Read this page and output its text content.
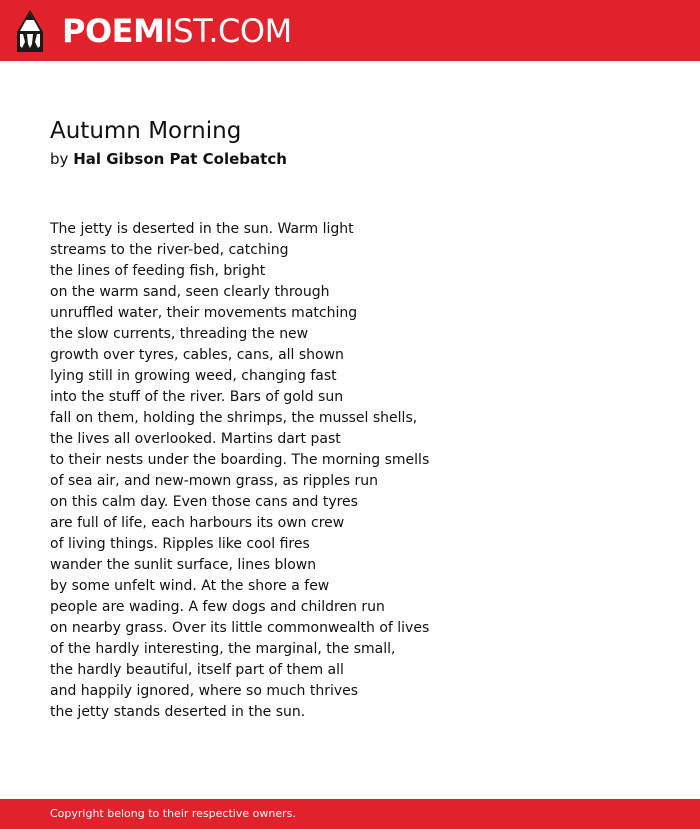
POEMIST.COM
Autumn Morning
by Hal Gibson Pat Colebatch
The jetty is deserted in the sun. Warm light
streams to the river-bed, catching
the lines of feeding fish, bright
on the warm sand, seen clearly through
unruffled water, their movements matching
the slow currents, threading the new
growth over tyres, cables, cans, all shown
lying still in growing weed, changing fast
into the stuff of the river. Bars of gold sun
fall on them, holding the shrimps, the mussel shells,
the lives all overlooked. Martins dart past
to their nests under the boarding. The morning smells
of sea air, and new-mown grass, as ripples run
on this calm day. Even those cans and tyres
are full of life, each harbours its own crew
of living things. Ripples like cool fires
wander the sunlit surface, lines blown
by some unfelt wind. At the shore a few
people are wading. A few dogs and children run
on nearby grass. Over its little commonwealth of lives
of the hardly interesting, the marginal, the small,
the hardly beautiful, itself part of them all
and happily ignored, where so much thrives
the jetty stands deserted in the sun.
Copyright belong to their respective owners.
